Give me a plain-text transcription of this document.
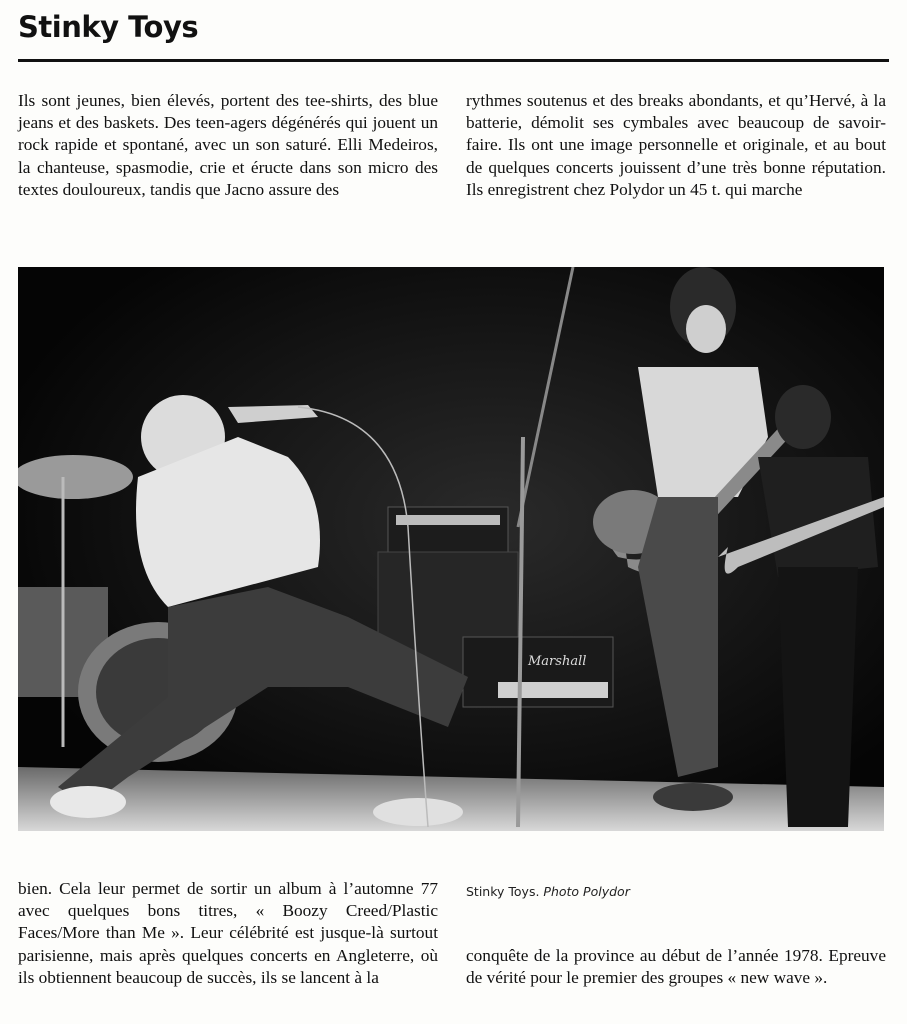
Stinky Toys

Ils sont jeunes, bien élevés, portent des tee-shirts, des blue jeans et des baskets. Des teen-agers dégénérés qui jouent un rock rapide et spontané, avec un son saturé. Elli Medeiros, la chanteuse, spasmodie, crie et éructe dans son micro des textes douloureux, tandis que Jacno assure des

rythmes soutenus et des breaks abondants, et qu’Hervé, à la batterie, démolit ses cymbales avec beaucoup de savoir-faire. Ils ont une image personnelle et originale, et au bout de quelques concerts jouissent d’une très bonne réputation. Ils enregistrent chez Polydor un 45 t. qui marche

Marshall

bien. Cela leur permet de sortir un album à l’automne 77 avec quelques bons titres, « Boozy Creed/Plastic Faces/More than Me ». Leur célébrité est jusque-là surtout parisienne, mais après quelques concerts en Angleterre, où ils obtiennent beaucoup de succès, ils se lancent à la

Stinky Toys. Photo Polydor

conquête de la province au début de l’année 1978. Epreuve de vérité pour le premier des groupes « new wave ».
